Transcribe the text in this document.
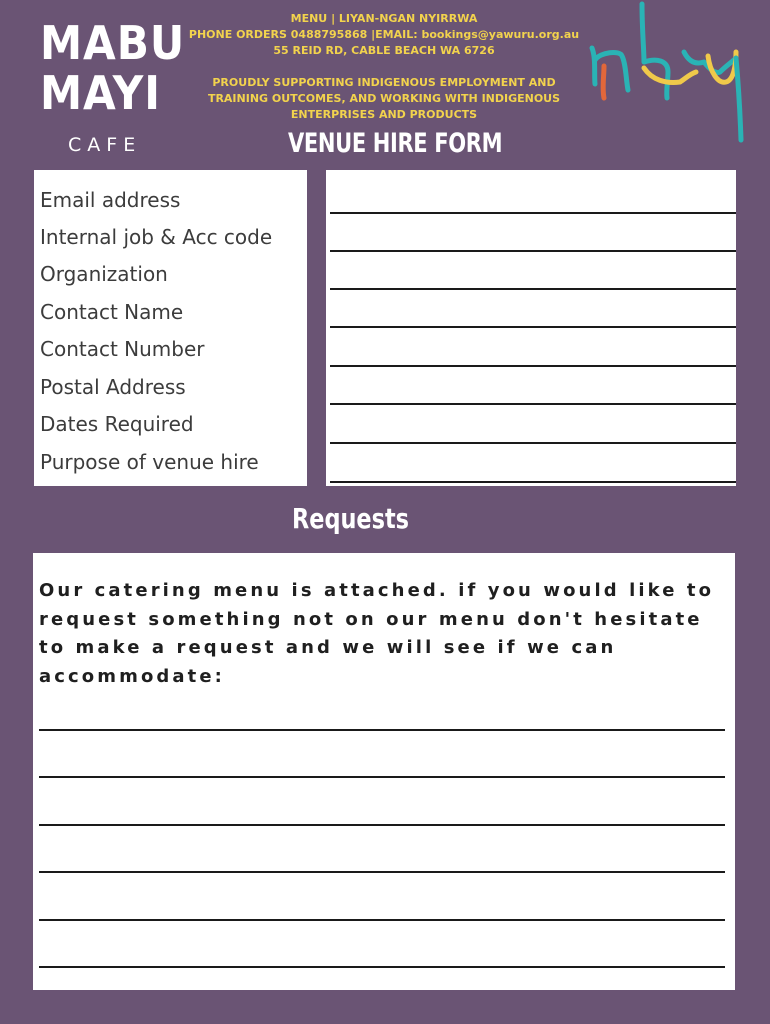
MABU
MAYI
CAFE
MENU | LIYAN-NGAN NYIRRWA
PHONE ORDERS 0488795868 |EMAIL: bookings@yawuru.org.au
55 REID RD, CABLE BEACH WA 6726
PROUDLY SUPPORTING INDIGENOUS EMPLOYMENT AND
TRAINING OUTCOMES, AND WORKING WITH INDIGENOUS
ENTERPRISES AND PRODUCTS
VENUE HIRE FORM
Email address
Internal job & Acc code
Organization
Contact Name
Contact Number
Postal Address
Dates Required
Purpose of venue hire
Requests
Our catering menu is attached. if you would like to request something not on our menu don't hesitate to make a request and we will see if we can accommodate:
